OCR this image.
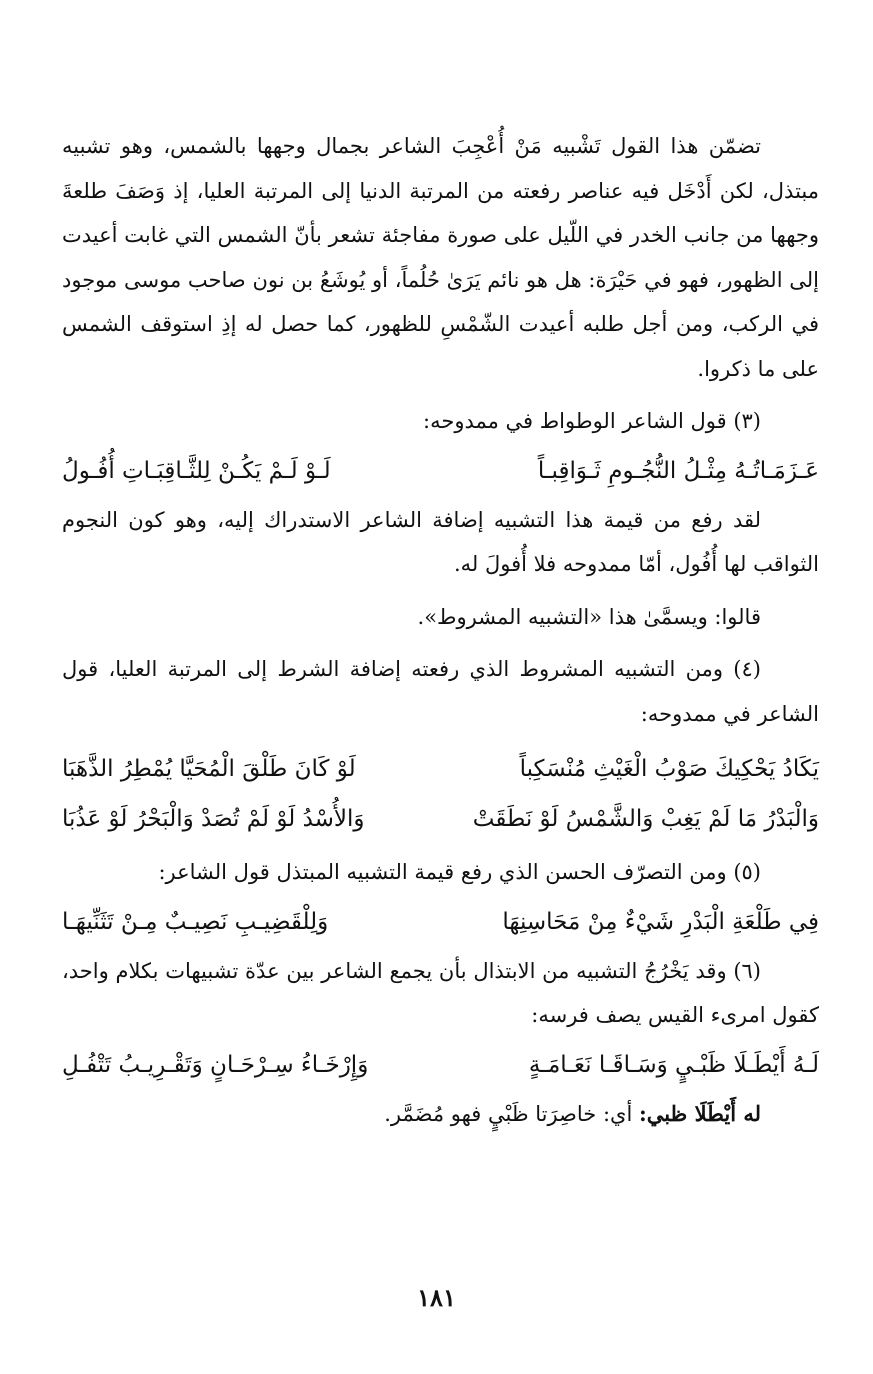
تضمّن هذا القول تَشْبيه مَنْ أُعْجِبَ الشاعر بجمال وجهها بالشمس، وهو تشبيه مبتذل، لكن أَدْخَل فيه عناصر رفعته من المرتبة الدنيا إلى المرتبة العليا، إذ وَصَفَ طلعةَ وجهها من جانب الخدر في اللّيل على صورة مفاجئة تشعر بأنّ الشمس التي غابت أعيدت إلى الظهور، فهو في حَيْرَة: هل هو نائم يَرَىٰ حُلُماً، أو يُوشَعُ بن نون صاحب موسى موجود في الركب، ومن أجل طلبه أعيدت الشّمْسِ للظهور، كما حصل له إذِ استوقف الشمس على ما ذكروا.

(٣) قول الشاعر الوطواط في ممدوحه:

عَـزَمَـاتُـهُ مِثْـلُ النُّجُـومِ ثَـوَاقِبـاً
لَـوْ لَـمْ يَكُـنْ لِلثَّـاقِبَـاتِ أُفُـولُ

لقد رفع من قيمة هذا التشبيه إضافة الشاعر الاستدراك إليه، وهو كون النجوم الثواقب لها أُفُول، أمّا ممدوحه فلا أُفولَ له.

قالوا: ويسمَّىٰ هذا «التشبيه المشروط».

(٤) ومن التشبيه المشروط الذي رفعته إضافة الشرط إلى المرتبة العليا، قول الشاعر في ممدوحه:

يَكَادُ يَحْكِيكَ صَوْبُ الْغَيْثِ مُنْسَكِباً
لَوْ كَانَ طَلْقَ الْمُحَيَّا يُمْطِرُ الذَّهَبَا
وَالْبَدْرُ مَا لَمْ يَغِبْ وَالشَّمْسُ لَوْ نَطَقَتْ
وَالأُسْدُ لَوْ لَمْ تُصَدْ وَالْبَحْرُ لَوْ عَذُبَا

(٥) ومن التصرّف الحسن الذي رفع قيمة التشبيه المبتذل قول الشاعر:

فِي طَلْعَةِ الْبَدْرِ شَيْءٌ مِنْ مَحَاسِنِهَا
وَلِلْقَضِيـبِ نَصِيـبٌ مِـنْ تَثَنِّيهَـا

(٦) وقد يَخْرُجُ التشبيه من الابتذال بأن يجمع الشاعر بين عدّة تشبيهات بكلام واحد، كقول امرىء القيس يصف فرسه:

لَـهُ أَيْطَـلَا ظَبْـيٍ وَسَـاقَـا نَعَـامَـةٍ
وَإِرْخَـاءُ سِـرْحَـانٍ وَتَقْـرِيـبُ تَتْفُـلِ

له أَيْطَلَا ظبي: أي: خاصِرَتا ظَبْيٍ فهو مُضَمَّر.

١٨١
